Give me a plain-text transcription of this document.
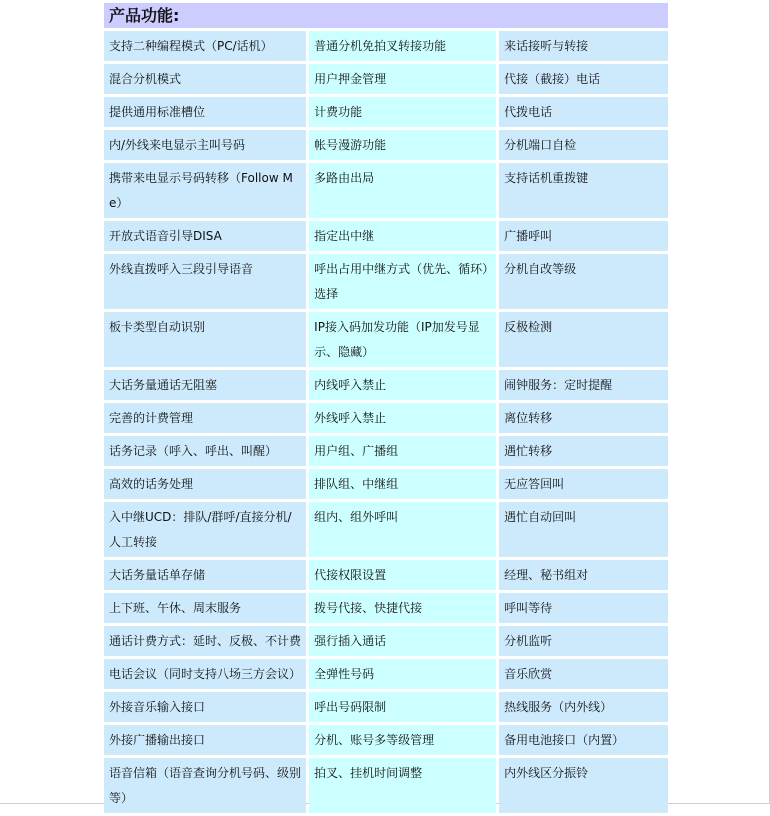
产品功能:
支持二种编程模式（PC/话机）	普通分机免拍叉转接功能	来话接听与转接
混合分机模式	用户押金管理	代接（截接）电话
提供通用标准槽位	计费功能	代拨电话
内/外线来电显示主叫号码	帐号漫游功能	分机端口自检
携带来电显示号码转移（Follow Me）	多路由出局	支持话机重拨键
开放式语音引导DISA	指定出中继	广播呼叫
外线直拨呼入三段引导语音	呼出占用中继方式（优先、循环）选择	分机自改等级
板卡类型自动识别	IP接入码加发功能（IP加发号显示、隐藏）	反极检测
大话务量通话无阻塞	内线呼入禁止	闹钟服务：定时提醒
完善的计费管理	外线呼入禁止	离位转移
话务记录（呼入、呼出、叫醒）	用户组、广播组	遇忙转移
高效的话务处理	排队组、中继组	无应答回叫
入中继UCD：排队/群呼/直接分机/人工转接	组内、组外呼叫	遇忙自动回叫
大话务量话单存储	代接权限设置	经理、秘书组对
上下班、午休、周末服务	拨号代接、快捷代接	呼叫等待
通话计费方式：延时、反极、不计费	强行插入通话	分机监听
电话会议（同时支持八场三方会议）	全弹性号码	音乐欣赏
外接音乐输入接口	呼出号码限制	热线服务（内外线）
外接广播输出接口	分机、账号多等级管理	备用电池接口（内置）
语音信箱（语音查询分机号码、级别等）	拍叉、挂机时间调整	内外线区分振铃
